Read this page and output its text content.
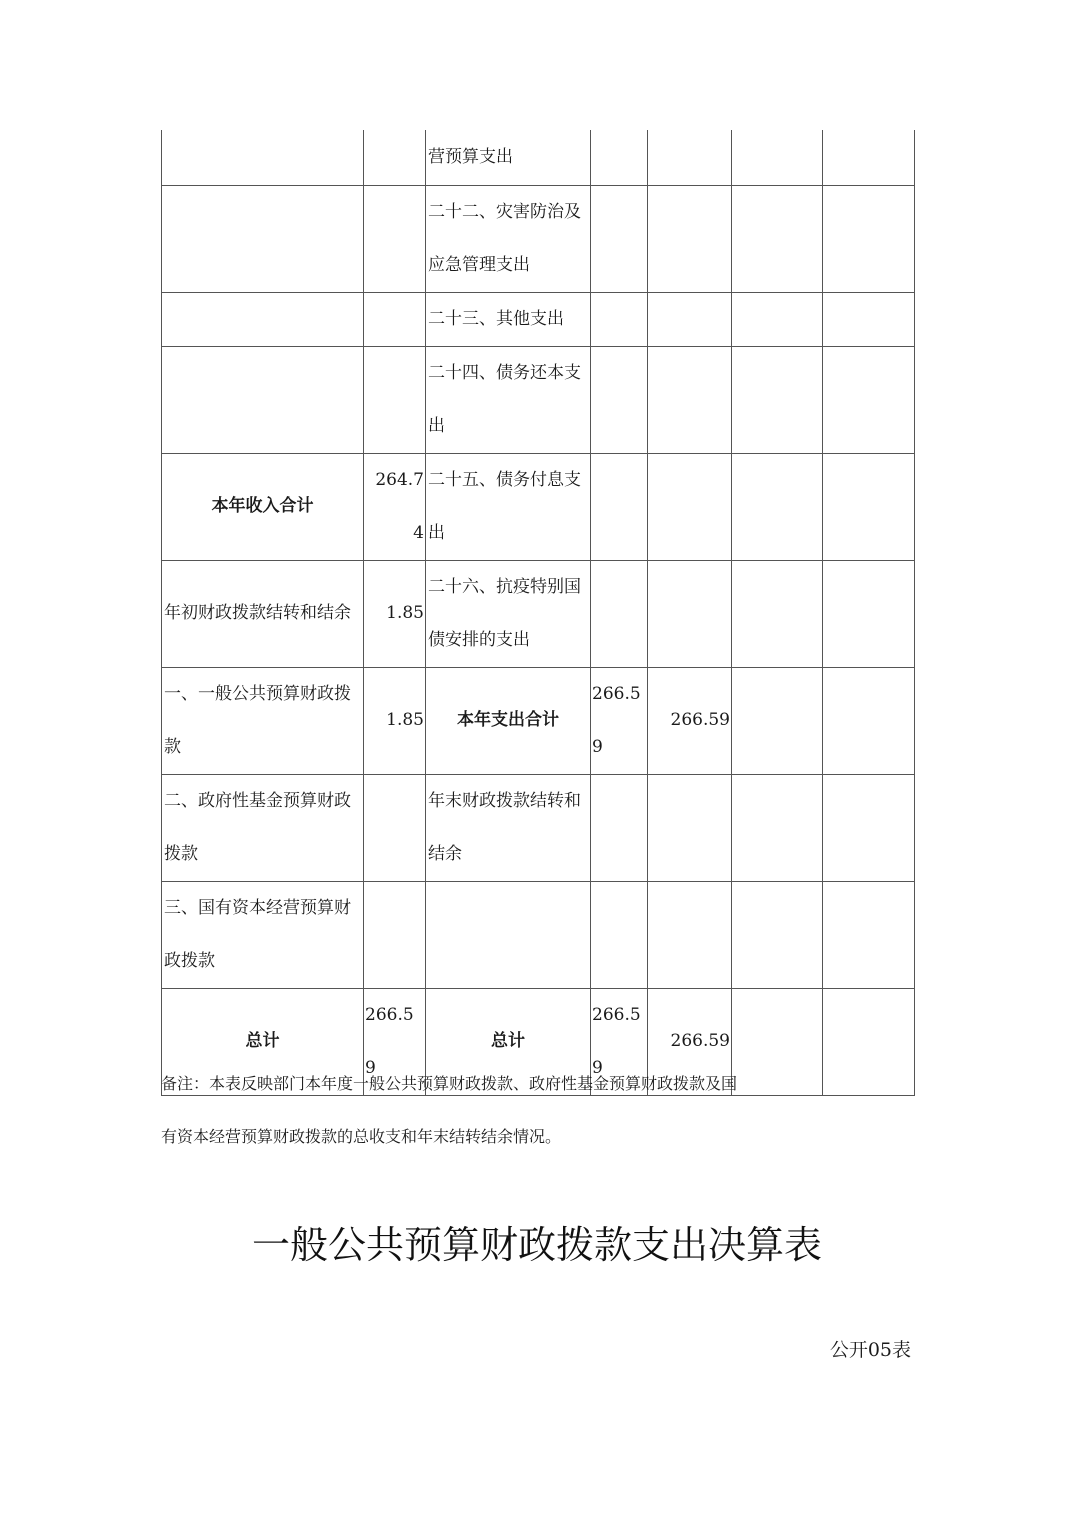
		营预算支出				
		二十二、灾害防治及应急管理支出				
		二十三、其他支出				
		二十四、债务还本支出				
本年收入合计	264.74	二十五、债务付息支出				
年初财政拨款结转和结余	1.85	二十六、抗疫特别国债安排的支出				
一、一般公共预算财政拨款	1.85	本年支出合计	266.59	266.59		
二、政府性基金预算财政拨款		年末财政拨款结转和结余				
三、国有资本经营预算财政拨款						
总计	266.59	总计	266.59	266.59		

备注：本表反映部门本年度一般公共预算财政拨款、政府性基金预算财政拨款及国

有资本经营预算财政拨款的总收支和年末结转结余情况。

一般公共预算财政拨款支出决算表

公开05表
